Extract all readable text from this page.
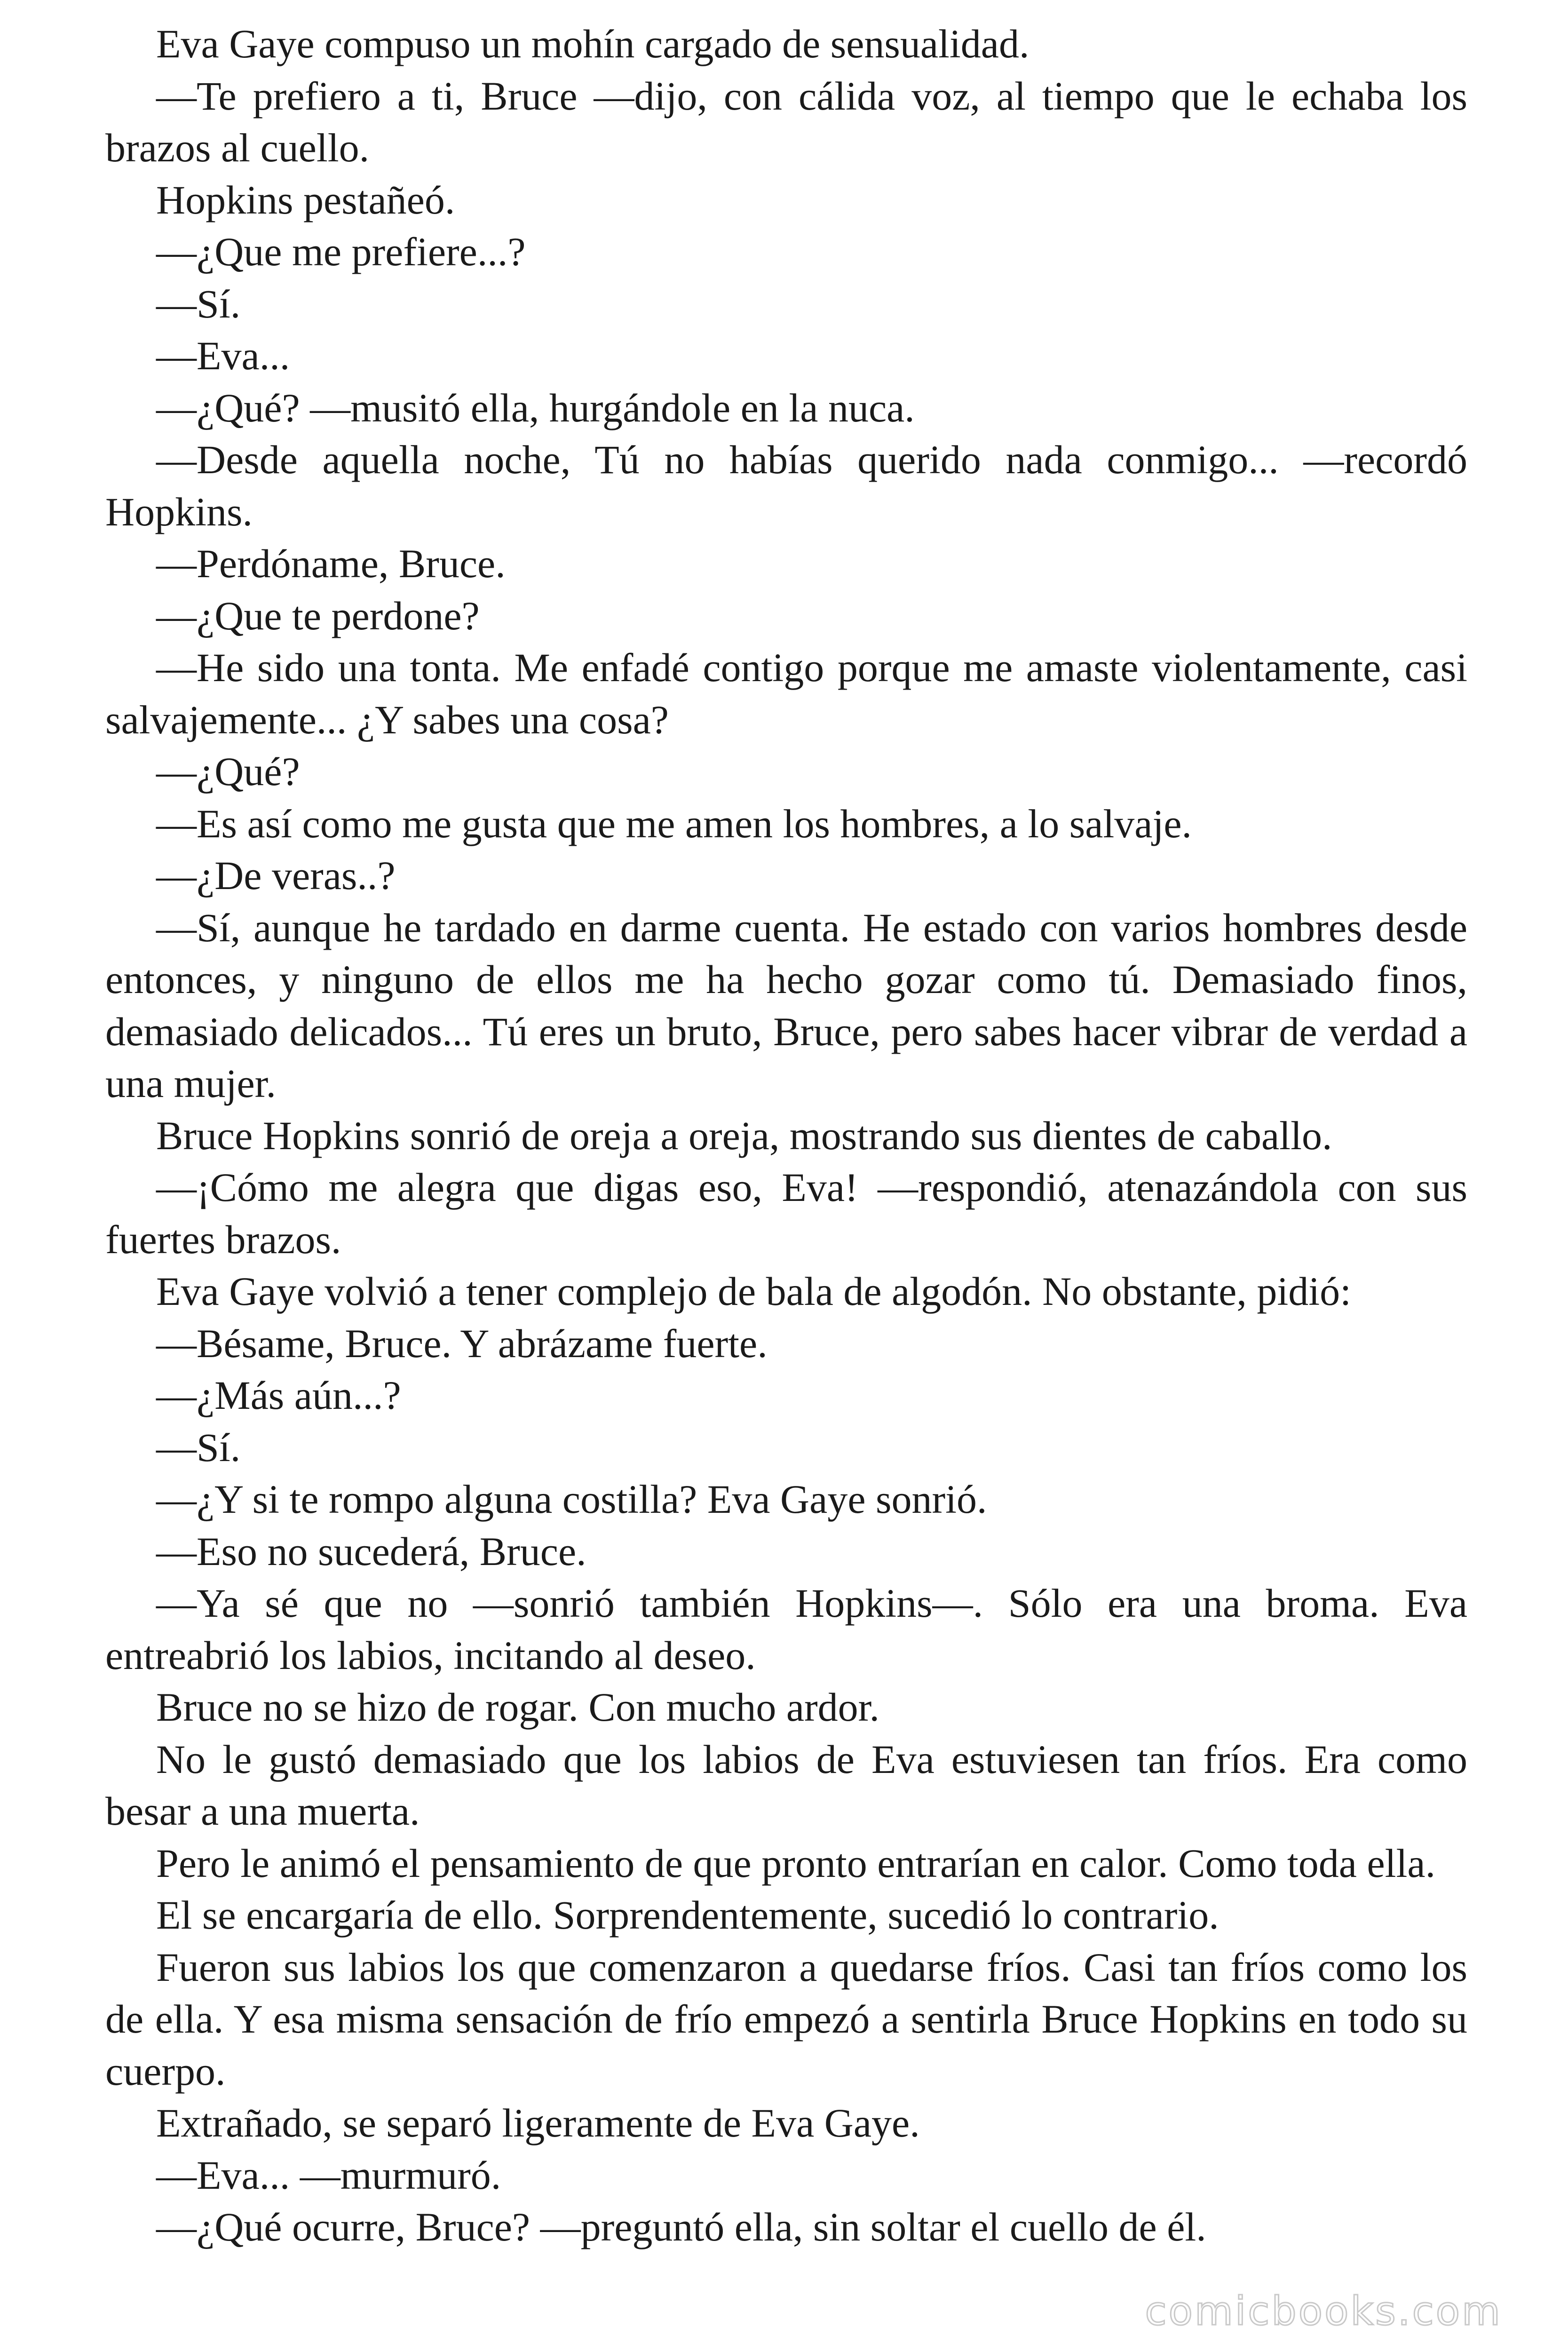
Eva Gaye compuso un mohín cargado de sensualidad.

—Te prefiero a ti, Bruce —dijo, con cálida voz, al tiempo que le echaba los brazos al cuello.

Hopkins pestañeó.

—¿Que me prefiere...?

—Sí.

—Eva...

—¿Qué? —musitó ella, hurgándole en la nuca.

—Desde aquella noche, Tú no habías querido nada conmigo... —recordó Hopkins.

—Perdóname, Bruce.

—¿Que te perdone?

—He sido una tonta. Me enfadé contigo porque me amaste violentamente, casi salvajemente... ¿Y sabes una cosa?

—¿Qué?

—Es así como me gusta que me amen los hombres, a lo salvaje.

—¿De veras..?

—Sí, aunque he tardado en darme cuenta. He estado con varios hombres desde entonces, y ninguno de ellos me ha hecho gozar como tú. Demasiado finos, demasiado delicados... Tú eres un bruto, Bruce, pero sabes hacer vibrar de verdad a una mujer.

Bruce Hopkins sonrió de oreja a oreja, mostrando sus dientes de caballo.

—¡Cómo me alegra que digas eso, Eva! —respondió, atenazándola con sus fuertes brazos.

Eva Gaye volvió a tener complejo de bala de algodón. No obstante, pidió:

—Bésame, Bruce. Y abrázame fuerte.

—¿Más aún...?

—Sí.

—¿Y si te rompo alguna costilla? Eva Gaye sonrió.

—Eso no sucederá, Bruce.

—Ya sé que no —sonrió también Hopkins—. Sólo era una broma. Eva entreabrió los labios, incitando al deseo.

Bruce no se hizo de rogar. Con mucho ardor.

No le gustó demasiado que los labios de Eva estuviesen tan fríos. Era como besar a una muerta.

Pero le animó el pensamiento de que pronto entrarían en calor. Como toda ella.

El se encargaría de ello. Sorprendentemente, sucedió lo contrario.

Fueron sus labios los que comenzaron a quedarse fríos. Casi tan fríos como los de ella. Y esa misma sensación de frío empezó a sentirla Bruce Hopkins en todo su cuerpo.

Extrañado, se separó ligeramente de Eva Gaye.

—Eva... —murmuró.

—¿Qué ocurre, Bruce? —preguntó ella, sin soltar el cuello de él.

comicbooks.com
